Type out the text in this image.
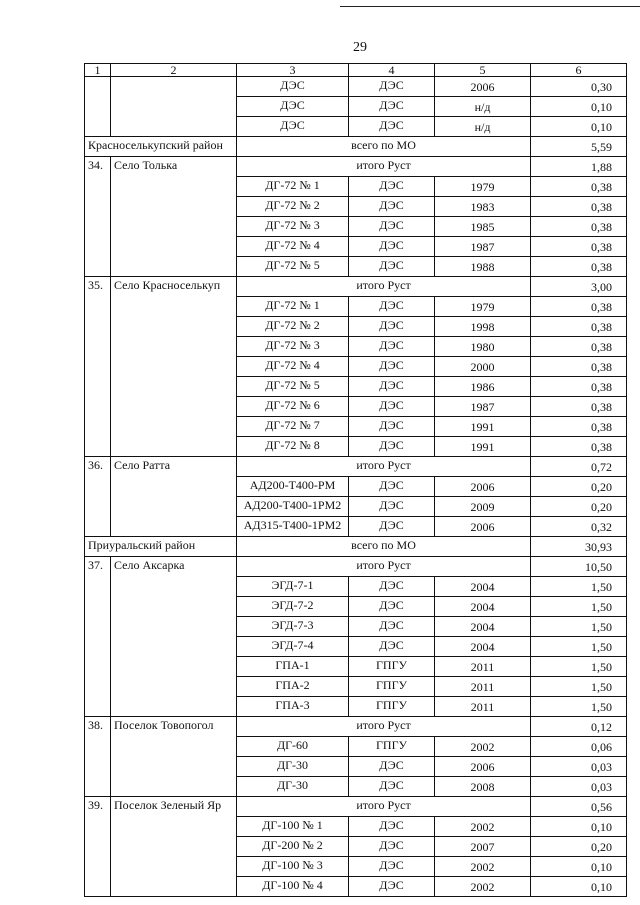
29
1	2	3	4	5	6
		ДЭС	ДЭС	2006	0,30
		ДЭС	ДЭС	н/д	0,10
		ДЭС	ДЭС	н/д	0,10
Красноселькупский район		всего по МО			5,59
34.	Село Толька	итого Руст			1,88
		ДГ-72 № 1	ДЭС	1979	0,38
		ДГ-72 № 2	ДЭС	1983	0,38
		ДГ-72 № 3	ДЭС	1985	0,38
		ДГ-72 № 4	ДЭС	1987	0,38
		ДГ-72 № 5	ДЭС	1988	0,38
35.	Село Красноселькуп	итого Руст			3,00
		ДГ-72 № 1	ДЭС	1979	0,38
		ДГ-72 № 2	ДЭС	1998	0,38
		ДГ-72 № 3	ДЭС	1980	0,38
		ДГ-72 № 4	ДЭС	2000	0,38
		ДГ-72 № 5	ДЭС	1986	0,38
		ДГ-72 № 6	ДЭС	1987	0,38
		ДГ-72 № 7	ДЭС	1991	0,38
		ДГ-72 № 8	ДЭС	1991	0,38
36.	Село Ратта	итого Руст			0,72
		АД200-Т400-РМ	ДЭС	2006	0,20
		АД200-Т400-1РМ2	ДЭС	2009	0,20
		АД315-Т400-1РМ2	ДЭС	2006	0,32
Приуральский район		всего по МО			30,93
37.	Село Аксарка	итого Руст			10,50
		ЭГД-7-1	ДЭС	2004	1,50
		ЭГД-7-2	ДЭС	2004	1,50
		ЭГД-7-3	ДЭС	2004	1,50
		ЭГД-7-4	ДЭС	2004	1,50
		ГПА-1	ГПГУ	2011	1,50
		ГПА-2	ГПГУ	2011	1,50
		ГПА-3	ГПГУ	2011	1,50
38.	Поселок Товопогол	итого Руст			0,12
		ДГ-60	ГПГУ	2002	0,06
		ДГ-30	ДЭС	2006	0,03
		ДГ-30	ДЭС	2008	0,03
39.	Поселок Зеленый Яр	итого Руст			0,56
		ДГ-100 № 1	ДЭС	2002	0,10
		ДГ-200 № 2	ДЭС	2007	0,20
		ДГ-100 № 3	ДЭС	2002	0,10
		ДГ-100 № 4	ДЭС	2002	0,10
